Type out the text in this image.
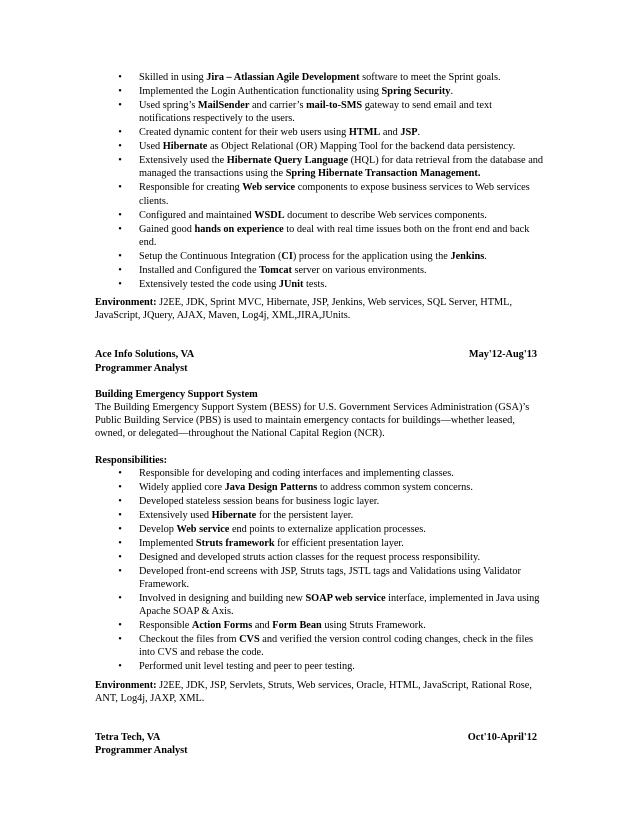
•	Skilled in using Jira – Atlassian Agile Development software to meet the Sprint goals.
•	Implemented the Login Authentication functionality using Spring Security.
•	Used spring’s MailSender and carrier’s mail-to-SMS gateway to send email and text notifications respectively to the users.
•	Created dynamic content for their web users using HTML and JSP.
•	Used Hibernate as Object Relational (OR) Mapping Tool for the backend data persistency.
•	Extensively used the Hibernate Query Language (HQL) for data retrieval from the database and managed the transactions using the Spring Hibernate Transaction Management.
•	Responsible for creating Web service components to expose business services to Web services clients.
•	Configured and maintained WSDL document to describe Web services components.
•	Gained good hands on experience to deal with real time issues both on the front end and back end.
•	Setup the Continuous Integration (CI) process for the application using the Jenkins.
•	Installed and Configured the Tomcat server on various environments.
•	Extensively tested the code using JUnit tests.
Environment: J2EE, JDK, Sprint MVC, Hibernate, JSP, Jenkins, Web services, SQL Server, HTML, JavaScript, JQuery, AJAX, Maven, Log4j, XML,JIRA,JUnits.
Ace Info Solutions, VA	May'12-Aug'13
Programmer Analyst
Building Emergency Support System
The Building Emergency Support System (BESS) for U.S. Government Services Administration (GSA)’s Public Building Service (PBS) is used to maintain emergency contacts for buildings—whether leased, owned, or delegated—throughout the National Capital Region (NCR).
Responsibilities:
•	Responsible for developing and coding interfaces and implementing classes.
•	Widely applied core Java Design Patterns to address common system concerns.
•	Developed stateless session beans for business logic layer.
•	Extensively used Hibernate for the persistent layer.
•	Develop Web service end points to externalize application processes.
•	Implemented Struts framework for efficient presentation layer.
•	Designed and developed struts action classes for the request process responsibility.
•	Developed front-end screens with JSP, Struts tags, JSTL tags and Validations using Validator Framework.
•	Involved in designing and building new SOAP web service interface, implemented in Java using Apache SOAP & Axis.
•	Responsible Action Forms and Form Bean using Struts Framework.
•	Checkout the files from CVS and verified the version control coding changes, check in the files into CVS and rebase the code.
•	Performed unit level testing and peer to peer testing.
Environment: J2EE, JDK, JSP, Servlets, Struts, Web services, Oracle, HTML, JavaScript, Rational Rose, ANT, Log4j, JAXP, XML.
Tetra Tech, VA	Oct'10-April'12
Programmer Analyst
